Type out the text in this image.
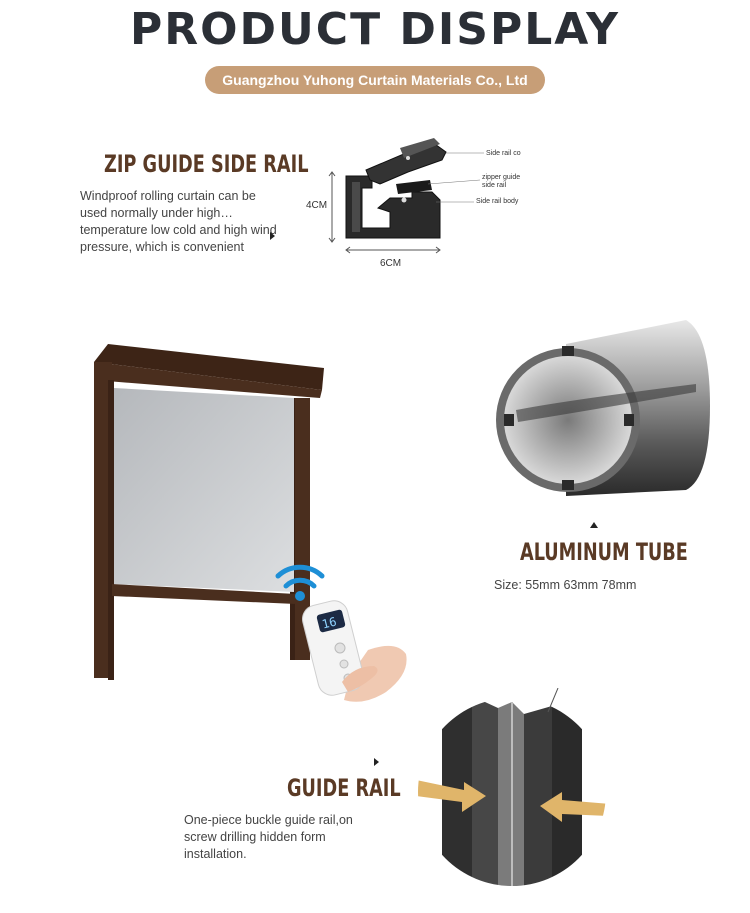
PRODUCT DISPLAY
Guangzhou Yuhong Curtain Materials Co., Ltd
ZIP GUIDE SIDE RAIL
Windproof rolling curtain can be used normally under high… temperature low cold and high wind pressure, which is convenient
Side rail co
zipper guide
side rail
Side rail body
4CM
6CM
16
ALUMINUM TUBE
Size: 55mm 63mm 78mm
GUIDE RAIL
One-piece buckle guide rail,on screw drilling hidden form installation.
